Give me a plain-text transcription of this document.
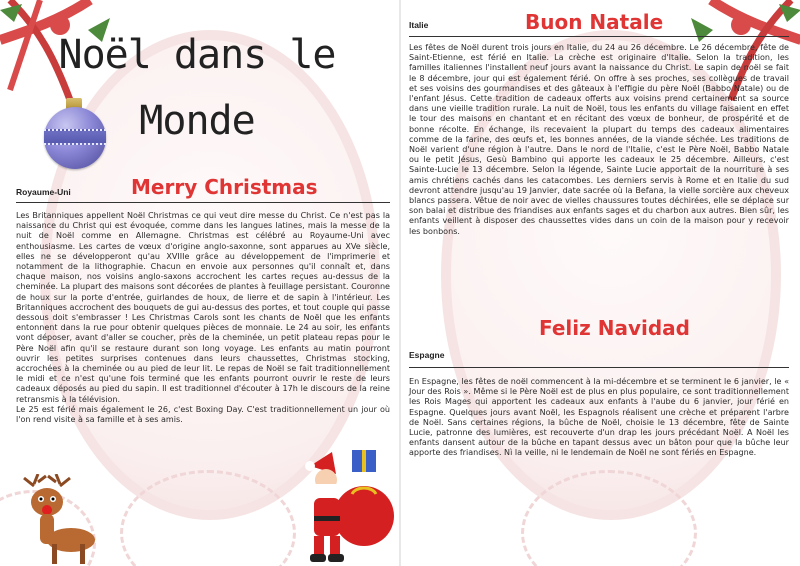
Noël dans le Monde
Royaume-Uni	Merry Christmas

Les Britanniques appellent Noël Christmas ce qui veut dire messe du Christ. Ce n'est pas la naissance du Christ qui est évoquée, comme dans les langues latines, mais la messe de la nuit de Noël comme en Allemagne. Christmas est célébré au Royaume-Uni avec enthousiasme. Les cartes de vœux d'origine anglo-saxonne, sont apparues au XVe siècle, elles ne se développeront qu'au XVIIIe grâce au développement de l'imprimerie et notamment de la lithographie. Chacun en envoie aux personnes qu'il connaît et, dans chaque maison, nos voisins anglo-saxons accrochent les cartes reçues au-dessus de la cheminée. La plupart des maisons sont décorées de plantes à feuillage persistant. Couronne de houx sur la porte d'entrée, guirlandes de houx, de lierre et de sapin à l'intérieur. Les Britanniques accrochent des bouquets de gui au-dessus des portes, et tout couple qui passe dessous doit s'embrasser ! Les Christmas Carols sont les chants de Noël que les enfants entonnent dans la rue pour obtenir quelques pièces de monnaie. Le 24 au soir, les enfants vont déposer, avant d'aller se coucher, près de la cheminée, un petit plateau repas pour le Père Noël afin qu'il se restaure durant son long voyage. Les enfants au matin pourront ouvrir les petites surprises contenues dans leurs chaussettes, Christmas stocking, accrochées à la cheminée ou au pied de leur lit. Le repas de Noël se fait traditionnellement le midi et ce n'est qu'une fois terminé que les enfants pourront ouvrir le reste de leurs cadeaux déposés au pied du sapin. Il est traditionnel d'écouter à 17h le discours de la reine retransmis à la télévision.

Le 25 est férié mais également le 26, c'est Boxing Day. C'est traditionnellement un jour où l'on rend visite à sa famille et à ses amis.

Italie	Buon Natale
Les fêtes de Noël durent trois jours en Italie, du 24 au 26 décembre. Le 26 décembre, fête de Saint-Etienne, est férié en Italie. La crèche est originaire d'Italie. Selon la tradition, les familles italiennes l'installent neuf jours avant la naissance du Christ. Le sapin de noël se fait le 8 décembre, jour qui est également férié. On offre à ses proches, ses collègues de travail et ses voisins des gourmandises et des gâteaux à l'effigie du père Noël (Babbo Natale) ou de l'enfant Jésus. Cette tradition de cadeaux offerts aux voisins prend certainement sa source dans une vieille tradition rurale. La nuit de Noël, tous les enfants du village faisaient en effet le tour des maisons en chantant et en récitant des vœux de bonheur, de prospérité et de bonne récolte. En échange, ils recevaient la plupart du temps des cadeaux alimentaires comme de la farine, des œufs et, les bonnes années, de la viande séchée. Les traditions de Noël varient d'une région à l'autre. Dans le nord de l'Italie, c'est le Père Noël, Babbo Natale ou le petit Jésus, Gesù Bambino qui apporte les cadeaux le 25 décembre. Ailleurs, c'est Sainte-Lucie le 13 décembre. Selon la légende, Sainte Lucie apportait de la nourriture à ses amis chrétiens cachés dans les catacombes. Les derniers servis à Rome et en Italie du sud devront attendre jusqu'au 19 Janvier, date sacrée où la Befana, la vielle sorcière aux cheveux blancs passera. Vêtue de noir avec de vielles chaussures toutes déchirées, elle se déplace sur son balai et distribue des friandises aux enfants sages et du charbon aux autres. Bien sûr, les enfants veillent à disposer des chaussettes vides dans un coin de la maison pour y recevoir les bonbons.
Feliz Navidad
Espagne
En Espagne, les fêtes de noël commencent à la mi-décembre et se terminent le 6 janvier, le « Jour des Rois ». Même si le Père Noël est de plus en plus populaire, ce sont traditionnellement les Rois Mages qui apportent les cadeaux aux enfants à l'aube du 6 janvier, jour férié en Espagne. Quelques jours avant Noël, les Espagnols réalisent une crèche et préparent l'arbre de Noël. Sans certaines régions, la bûche de Noël, choisie le 13 décembre, fête de Sainte Lucie, patronne des lumières, est recouverte d'un drap les jours précédant Noël. A Noël les enfants dansent autour de la bûche en tapant dessus avec un bâton pour que la bûche leur apporte des friandises. Nì la veille, ni le lendemain de Noël ne sont fériés en Espagne.
